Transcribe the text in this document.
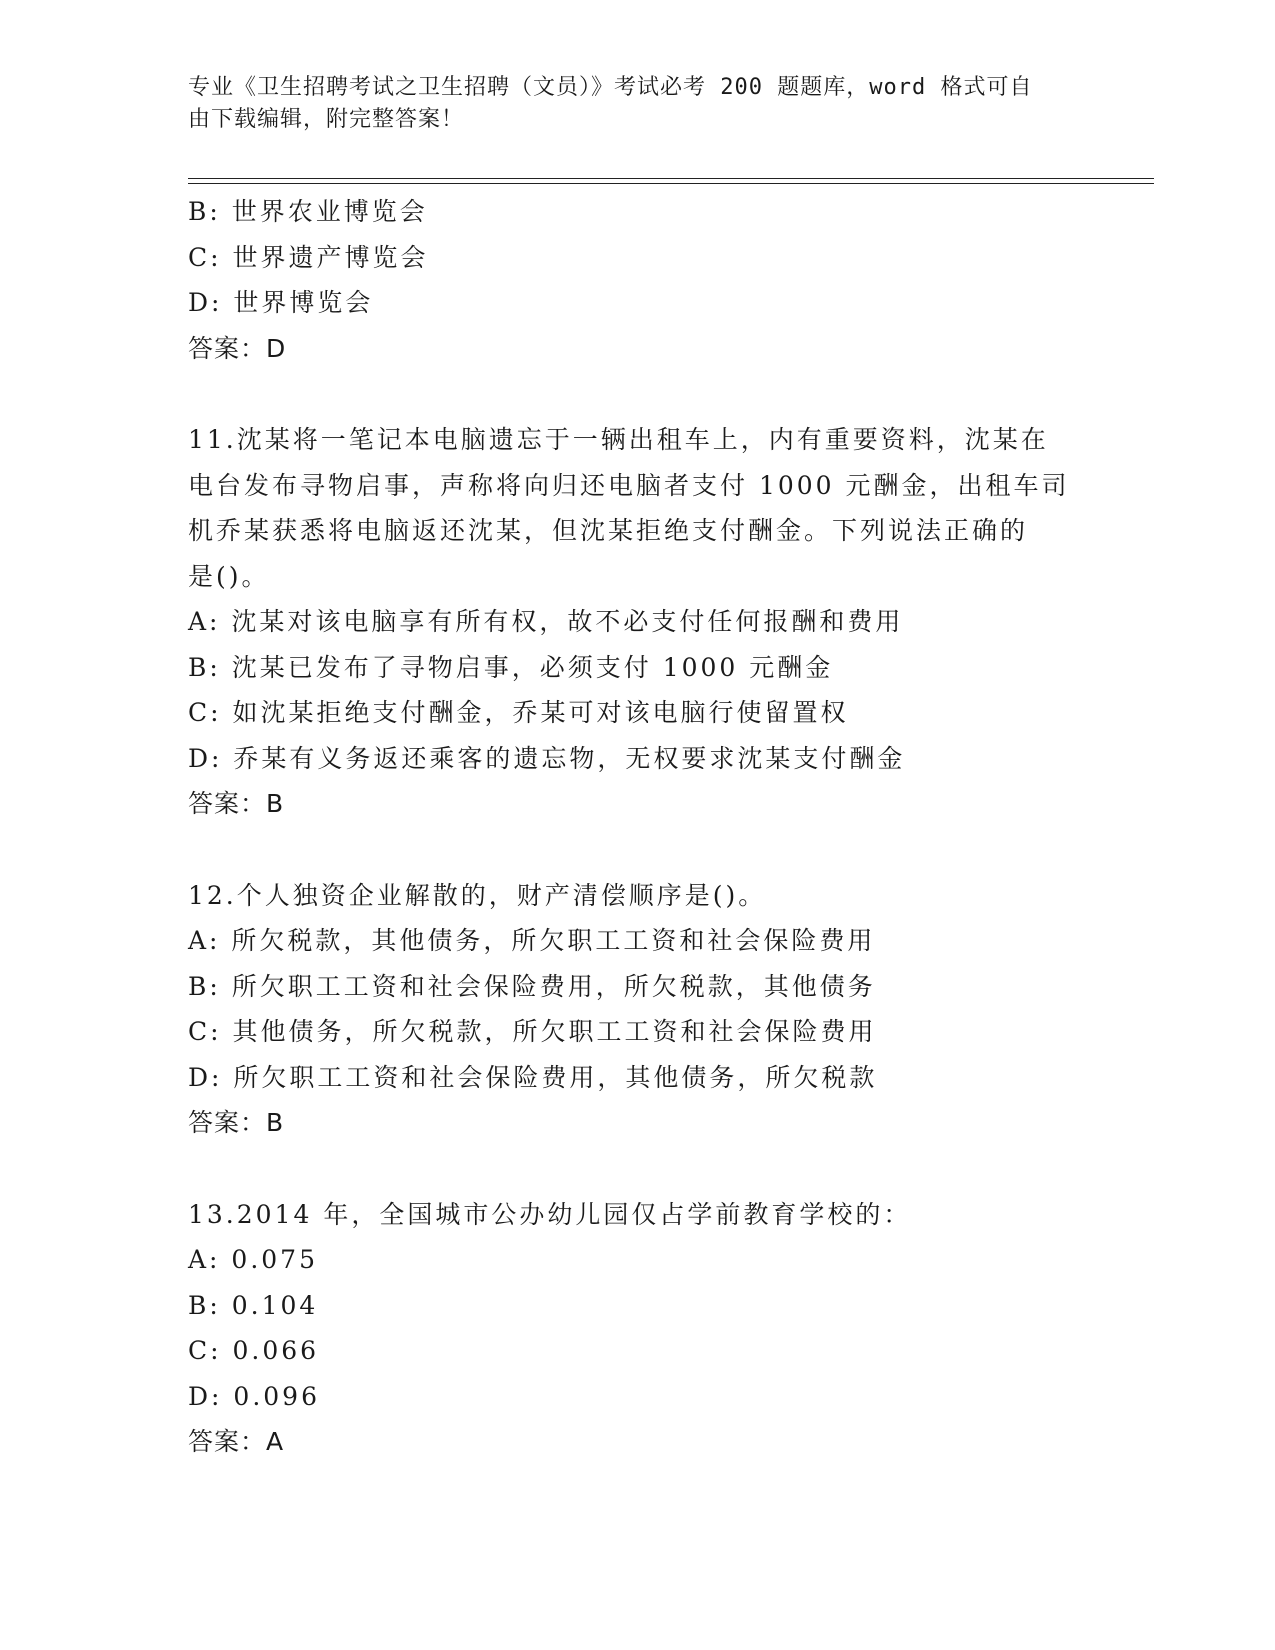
专业《卫生招聘考试之卫生招聘（文员）》考试必考 200 题题库，word 格式可自
由下载编辑，附完整答案！
B: 世界农业博览会
C: 世界遗产博览会
D: 世界博览会
答案：D
11.沈某将一笔记本电脑遗忘于一辆出租车上，内有重要资料，沈某在
电台发布寻物启事，声称将向归还电脑者支付 1000 元酬金，出租车司
机乔某获悉将电脑返还沈某，但沈某拒绝支付酬金。下列说法正确的
是()。
A: 沈某对该电脑享有所有权，故不必支付任何报酬和费用
B: 沈某已发布了寻物启事，必须支付 1000 元酬金
C: 如沈某拒绝支付酬金，乔某可对该电脑行使留置权
D: 乔某有义务返还乘客的遗忘物，无权要求沈某支付酬金
答案：B
12.个人独资企业解散的，财产清偿顺序是()。
A: 所欠税款，其他债务，所欠职工工资和社会保险费用
B: 所欠职工工资和社会保险费用，所欠税款，其他债务
C: 其他债务，所欠税款，所欠职工工资和社会保险费用
D: 所欠职工工资和社会保险费用，其他债务，所欠税款
答案：B
13.2014 年，全国城市公办幼儿园仅占学前教育学校的：
A: 0.075
B: 0.104
C: 0.066
D: 0.096
答案：A
